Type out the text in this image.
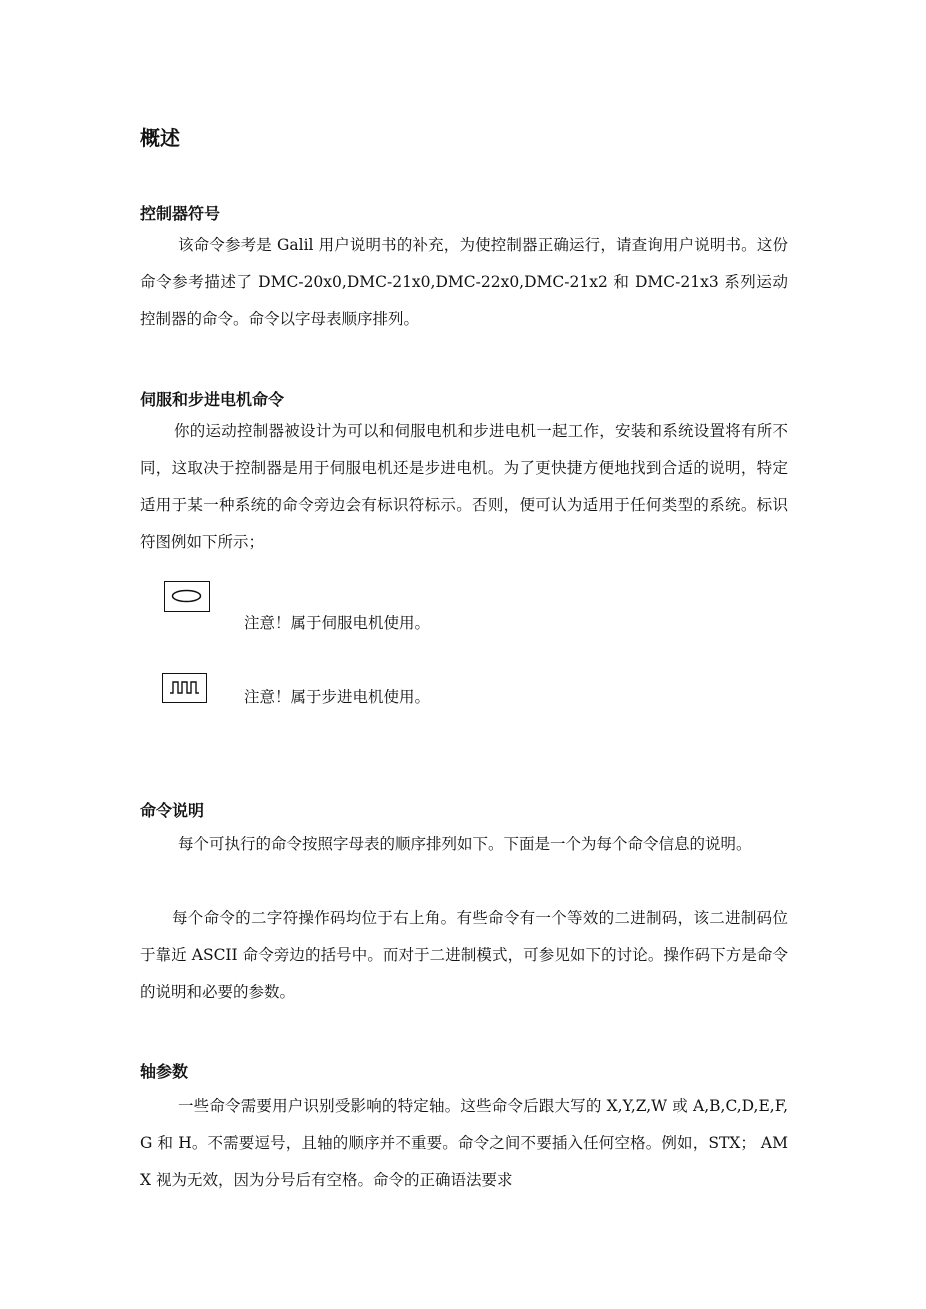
概述
控制器符号

该命令参考是 Galil 用户说明书的补充，为使控制器正确运行，请查询用户说明书。这份命令参考描述了 DMC-20x0,DMC-21x0,DMC-22x0,DMC-21x2 和 DMC-21x3 系列运动控制器的命令。命令以字母表顺序排列。

伺服和步进电机命令

你的运动控制器被设计为可以和伺服电机和步进电机一起工作，安装和系统设置将有所不同，这取决于控制器是用于伺服电机还是步进电机。为了更快捷方便地找到合适的说明，特定适用于某一种系统的命令旁边会有标识符标示。否则，便可认为适用于任何类型的系统。标识符图例如下所示；

注意！属于伺服电机使用。

注意！属于步进电机使用。

命令说明

每个可执行的命令按照字母表的顺序排列如下。下面是一个为每个命令信息的说明。

每个命令的二字符操作码均位于右上角。有些命令有一个等效的二进制码，该二进制码位于靠近 ASCII 命令旁边的括号中。而对于二进制模式，可参见如下的讨论。操作码下方是命令的说明和必要的参数。

轴参数

一些命令需要用户识别受影响的特定轴。这些命令后跟大写的 X,Y,Z,W 或 A,B,C,D,E,F,G 和 H。不需要逗号，且轴的顺序并不重要。命令之间不要插入任何空格。例如，STX； AMX 视为无效，因为分号后有空格。命令的正确语法要求
